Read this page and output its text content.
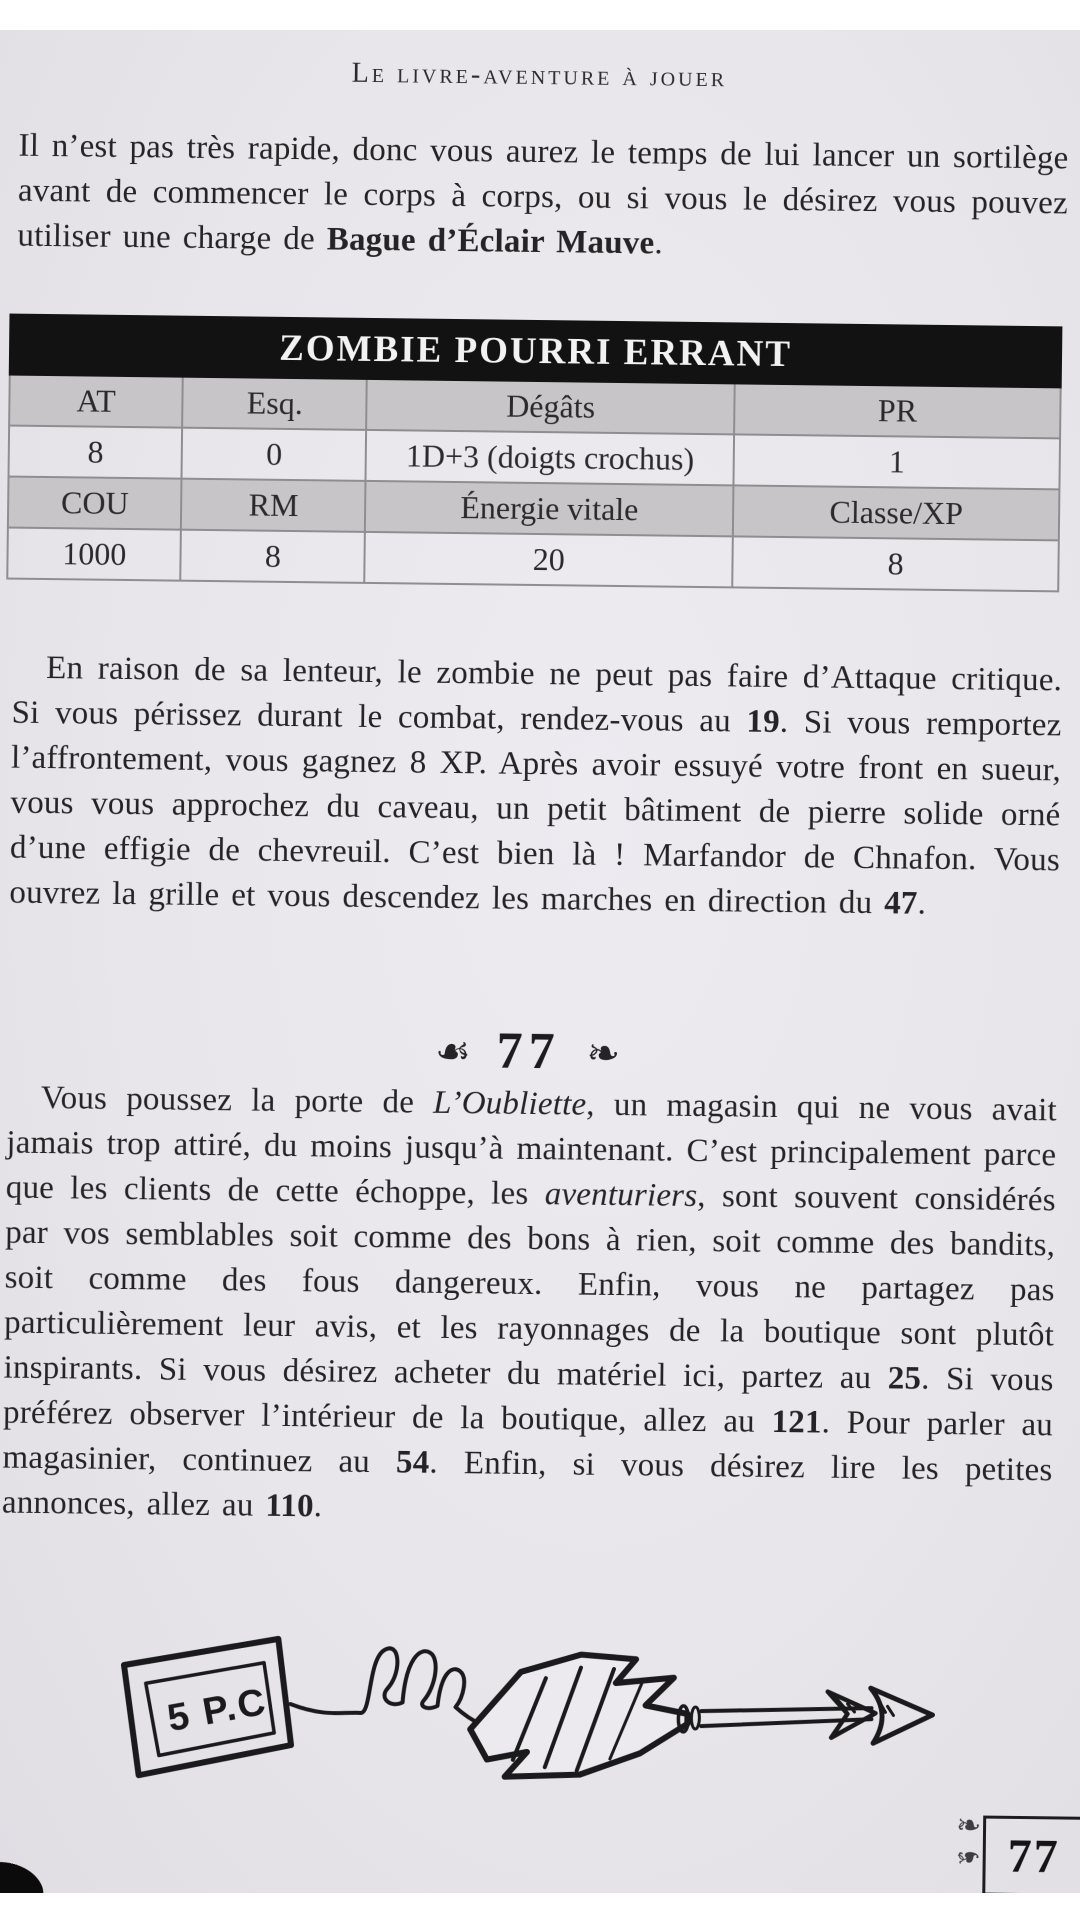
Le livre-aventure à jouer

Il n’est pas très rapide, donc vous aurez le temps de lui lancer un sortilège avant de commencer le corps à corps, ou si vous le désirez vous pouvez utiliser une charge de Bague d’Éclair Mauve.

ZOMBIE POURRI ERRANT			
AT	Esq.	Dégâts	PR
8	0	1D+3 (doigts crochus)	1
COU	RM	Énergie vitale	Classe/XP
1000	8	20	8

En raison de sa lenteur, le zombie ne peut pas faire d’Attaque critique. Si vous périssez durant le combat, rendez-vous au 19. Si vous remportez l’affrontement, vous gagnez 8 XP. Après avoir essuyé votre front en sueur, vous vous approchez du caveau, un petit bâtiment de pierre solide orné d’une effigie de chevreuil. C’est bien là ! Marfandor de Chnafon. Vous ouvrez la grille et vous descendez les marches en direction du 47.

☙ 77 ❧

Vous poussez la porte de L’Oubliette, un magasin qui ne vous avait jamais trop attiré, du moins jusqu’à maintenant. C’est principalement parce que les clients de cette échoppe, les aventuriers, sont souvent considérés par vos semblables soit comme des bons à rien, soit comme des bandits, soit comme des fous dangereux. Enfin, vous ne partagez pas particulièrement leur avis, et les rayonnages de la boutique sont plutôt inspirants. Si vous désirez acheter du matériel ici, partez au 25. Si vous préférez observer l’intérieur de la boutique, allez au 121. Pour parler au magasinier, continuez au 54. Enfin, si vous désirez lire les petites annonces, allez au 110.

5 P.C
❧
❧ 77
